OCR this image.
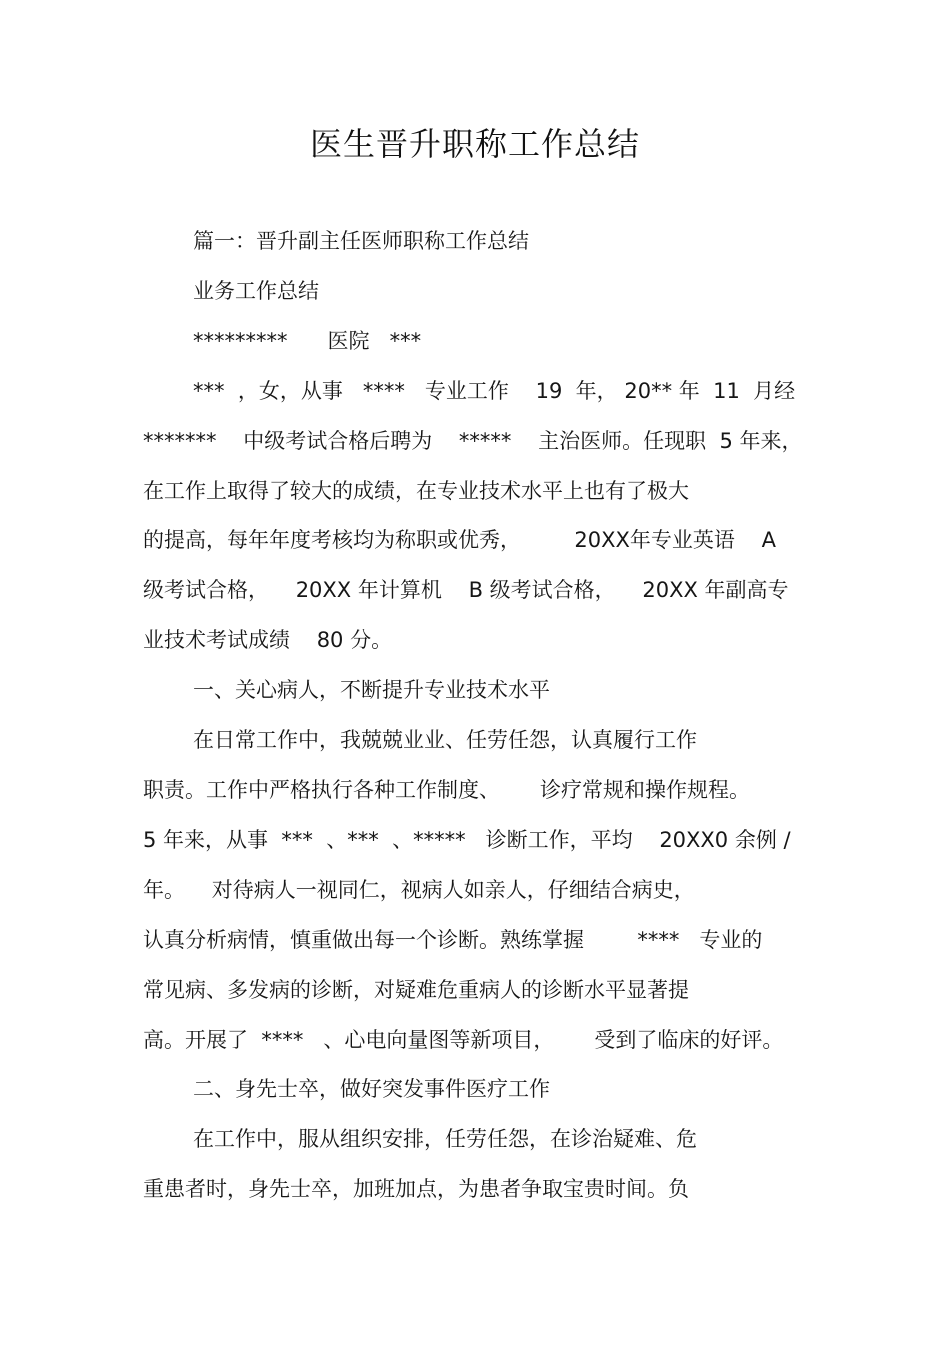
医生晋升职称工作总结
篇一：晋升副主任医师职称工作总结
业务工作总结
*********      医院   ***
***  ，女，从事   ****   专业工作    19  年， 20** 年  11  月经
*******    中级考试合格后聘为    *****    主治医师。任现职  5 年来，
在工作上取得了较大的成绩，在专业技术水平上也有了极大
的提高，每年年度考核均为称职或优秀，        20XX年专业英语    A
级考试合格，    20XX 年计算机    B 级考试合格，    20XX 年副高专
业技术考试成绩    80 分。
一、关心病人，不断提升专业技术水平
在日常工作中，我兢兢业业、任劳任怨，认真履行工作
职责。工作中严格执行各种工作制度、      诊疗常规和操作规程。
5 年来，从事  ***  、***  、*****   诊断工作，平均    20XX0 余例 /
年。    对待病人一视同仁，视病人如亲人，仔细结合病史，
认真分析病情，慎重做出每一个诊断。熟练掌握        ****   专业的
常见病、多发病的诊断，对疑难危重病人的诊断水平显著提
高。开展了  ****   、心电向量图等新项目，      受到了临床的好评。
二、身先士卒，做好突发事件医疗工作
在工作中，服从组织安排，任劳任怨，在诊治疑难、危
重患者时，身先士卒，加班加点，为患者争取宝贵时间。负
